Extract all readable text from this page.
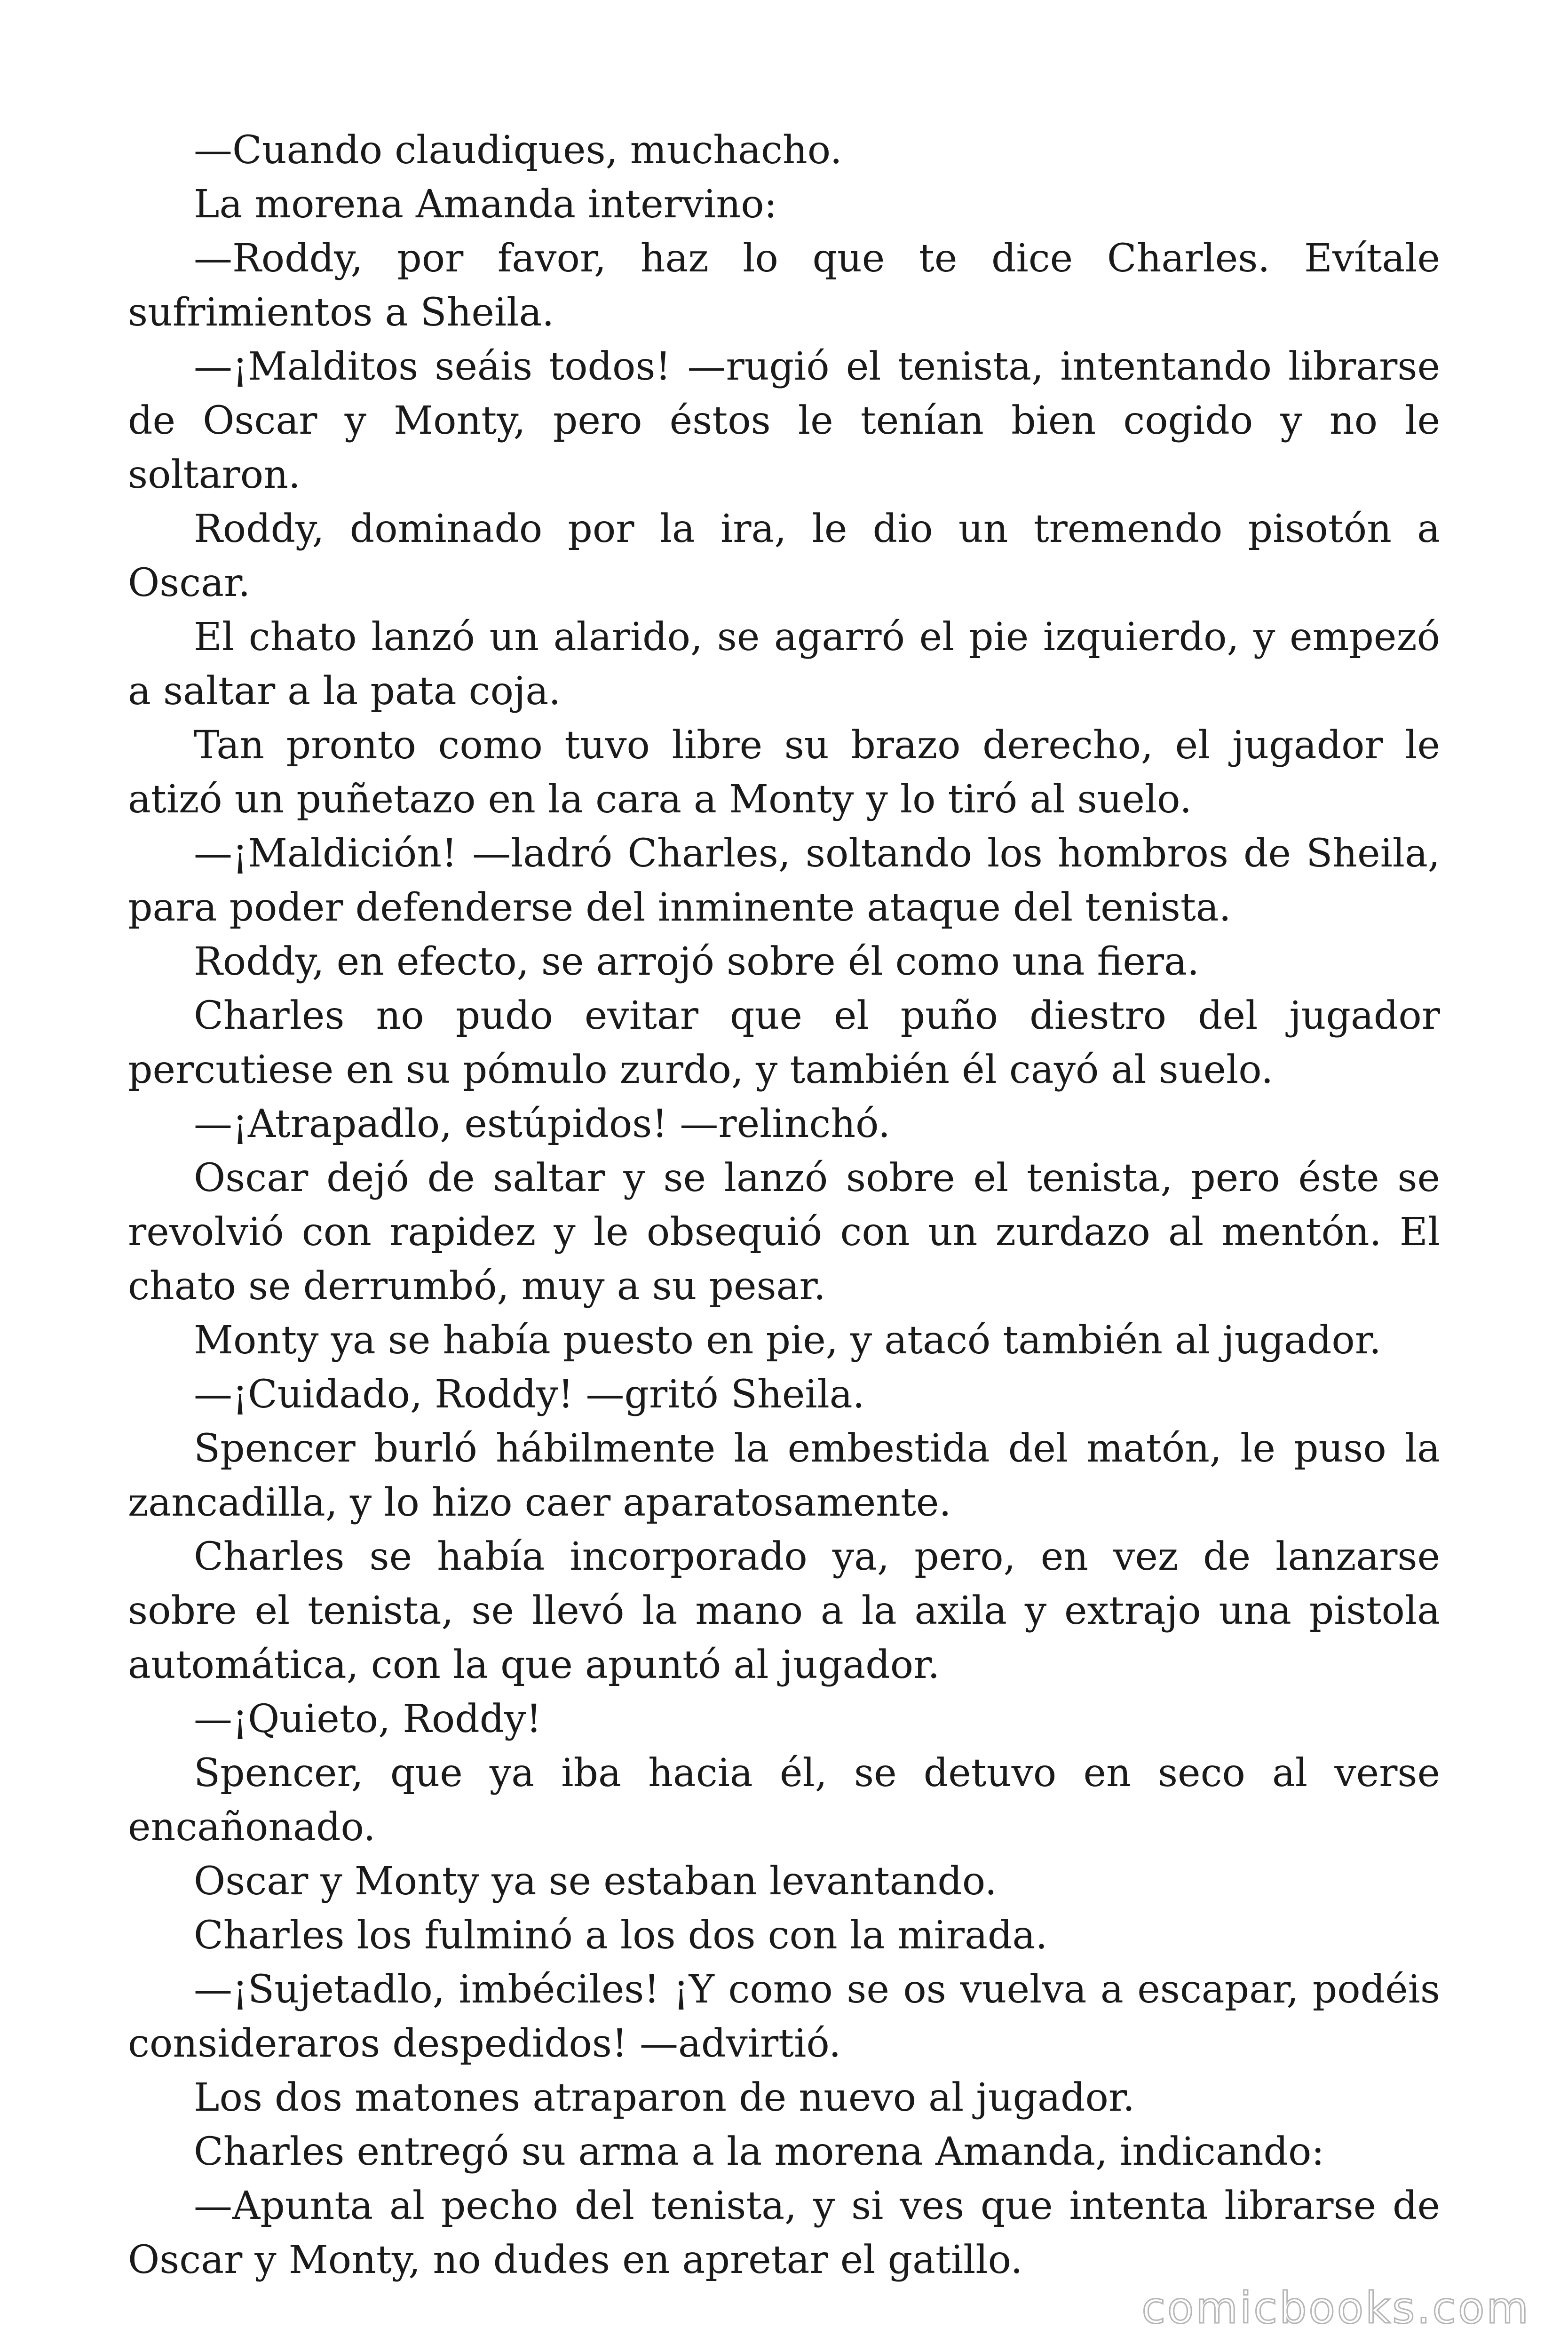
—Cuando claudiques, muchacho.

La morena Amanda intervino:

—Roddy, por favor, haz lo que te dice Charles. Evítale sufrimientos a Sheila.

—¡Malditos seáis todos! —rugió el tenista, intentando librarse de Oscar y Monty, pero éstos le tenían bien cogido y no le soltaron.

Roddy, dominado por la ira, le dio un tremendo pisotón a Oscar.

El chato lanzó un alarido, se agarró el pie izquierdo, y empezó a saltar a la pata coja.

Tan pronto como tuvo libre su brazo derecho, el jugador le atizó un puñetazo en la cara a Monty y lo tiró al suelo.

—¡Maldición! —ladró Charles, soltando los hombros de Sheila, para poder defenderse del inminente ataque del tenista.

Roddy, en efecto, se arrojó sobre él como una fiera.

Charles no pudo evitar que el puño diestro del jugador percutiese en su pómulo zurdo, y también él cayó al suelo.

—¡Atrapadlo, estúpidos! —relinchó.

Oscar dejó de saltar y se lanzó sobre el tenista, pero éste se revolvió con rapidez y le obsequió con un zurdazo al mentón. El chato se derrumbó, muy a su pesar.

Monty ya se había puesto en pie, y atacó también al jugador.

—¡Cuidado, Roddy! —gritó Sheila.

Spencer burló hábilmente la embestida del matón, le puso la zancadilla, y lo hizo caer aparatosamente.

Charles se había incorporado ya, pero, en vez de lanzarse sobre el tenista, se llevó la mano a la axila y extrajo una pistola automática, con la que apuntó al jugador.

—¡Quieto, Roddy!

Spencer, que ya iba hacia él, se detuvo en seco al verse encañonado.

Oscar y Monty ya se estaban levantando.

Charles los fulminó a los dos con la mirada.

—¡Sujetadlo, imbéciles! ¡Y como se os vuelva a escapar, podéis consideraros despedidos! —advirtió.

Los dos matones atraparon de nuevo al jugador.

Charles entregó su arma a la morena Amanda, indicando:

—Apunta al pecho del tenista, y si ves que intenta librarse de Oscar y Monty, no dudes en apretar el gatillo.

comicbooks.com
